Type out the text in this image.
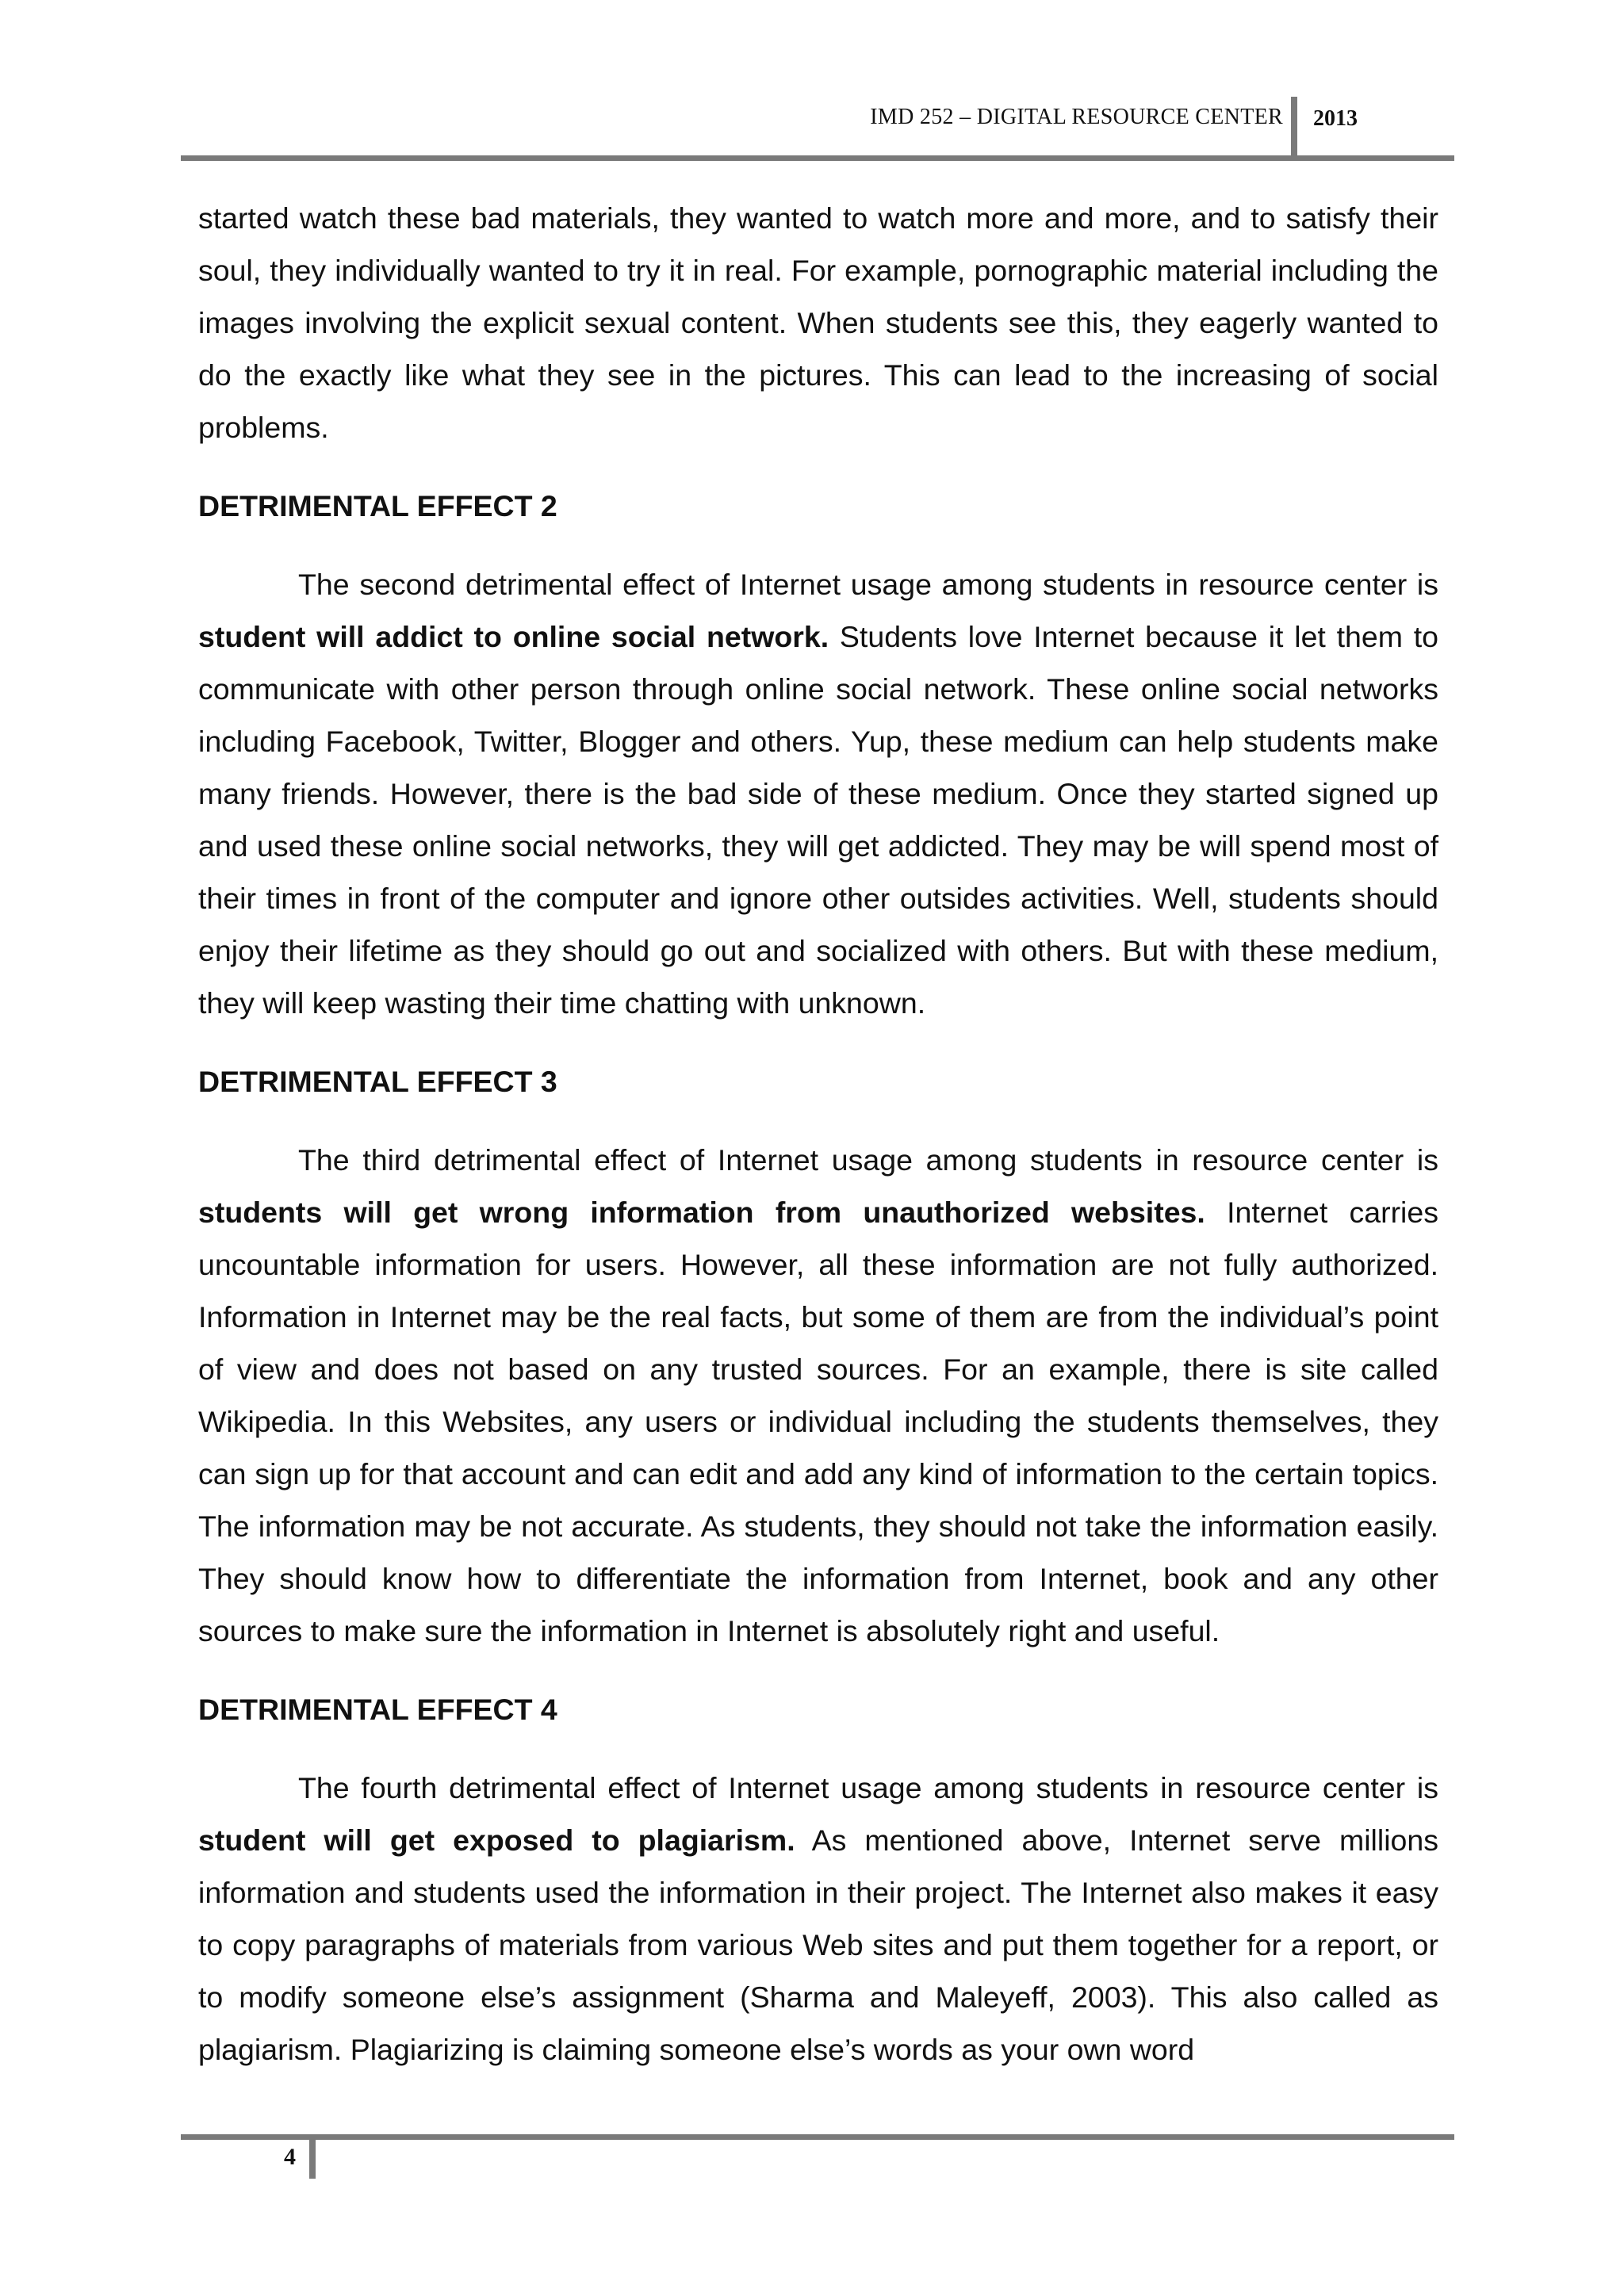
IMD 252 – DIGITAL RESOURCE CENTER 2013

started watch these bad materials, they wanted to watch more and more, and to satisfy their soul, they individually wanted to try it in real. For example, pornographic material including the images involving the explicit sexual content. When students see this, they eagerly wanted to do the exactly like what they see in the pictures. This can lead to the increasing of social problems.

DETRIMENTAL EFFECT 2

The second detrimental effect of Internet usage among students in resource center is student will addict to online social network. Students love Internet because it let them to communicate with other person through online social network. These online social networks including Facebook, Twitter, Blogger and others. Yup, these medium can help students make many friends. However, there is the bad side of these medium. Once they started signed up and used these online social networks, they will get addicted. They may be will spend most of their times in front of the computer and ignore other outsides activities. Well, students should enjoy their lifetime as they should go out and socialized with others. But with these medium, they will keep wasting their time chatting with unknown.

DETRIMENTAL EFFECT 3

The third detrimental effect of Internet usage among students in resource center is students will get wrong information from unauthorized websites. Internet carries uncountable information for users. However, all these information are not fully authorized. Information in Internet may be the real facts, but some of them are from the individual’s point of view and does not based on any trusted sources. For an example, there is site called Wikipedia. In this Websites, any users or individual including the students themselves, they can sign up for that account and can edit and add any kind of information to the certain topics. The information may be not accurate. As students, they should not take the information easily. They should know how to differentiate the information from Internet, book and any other sources to make sure the information in Internet is absolutely right and useful.

DETRIMENTAL EFFECT 4

The fourth detrimental effect of Internet usage among students in resource center is student will get exposed to plagiarism. As mentioned above, Internet serve millions information and students used the information in their project. The Internet also makes it easy to copy paragraphs of materials from various Web sites and put them together for a report, or to modify someone else’s assignment (Sharma and Maleyeff, 2003). This also called as plagiarism. Plagiarizing is claiming someone else’s words as your own word

4
